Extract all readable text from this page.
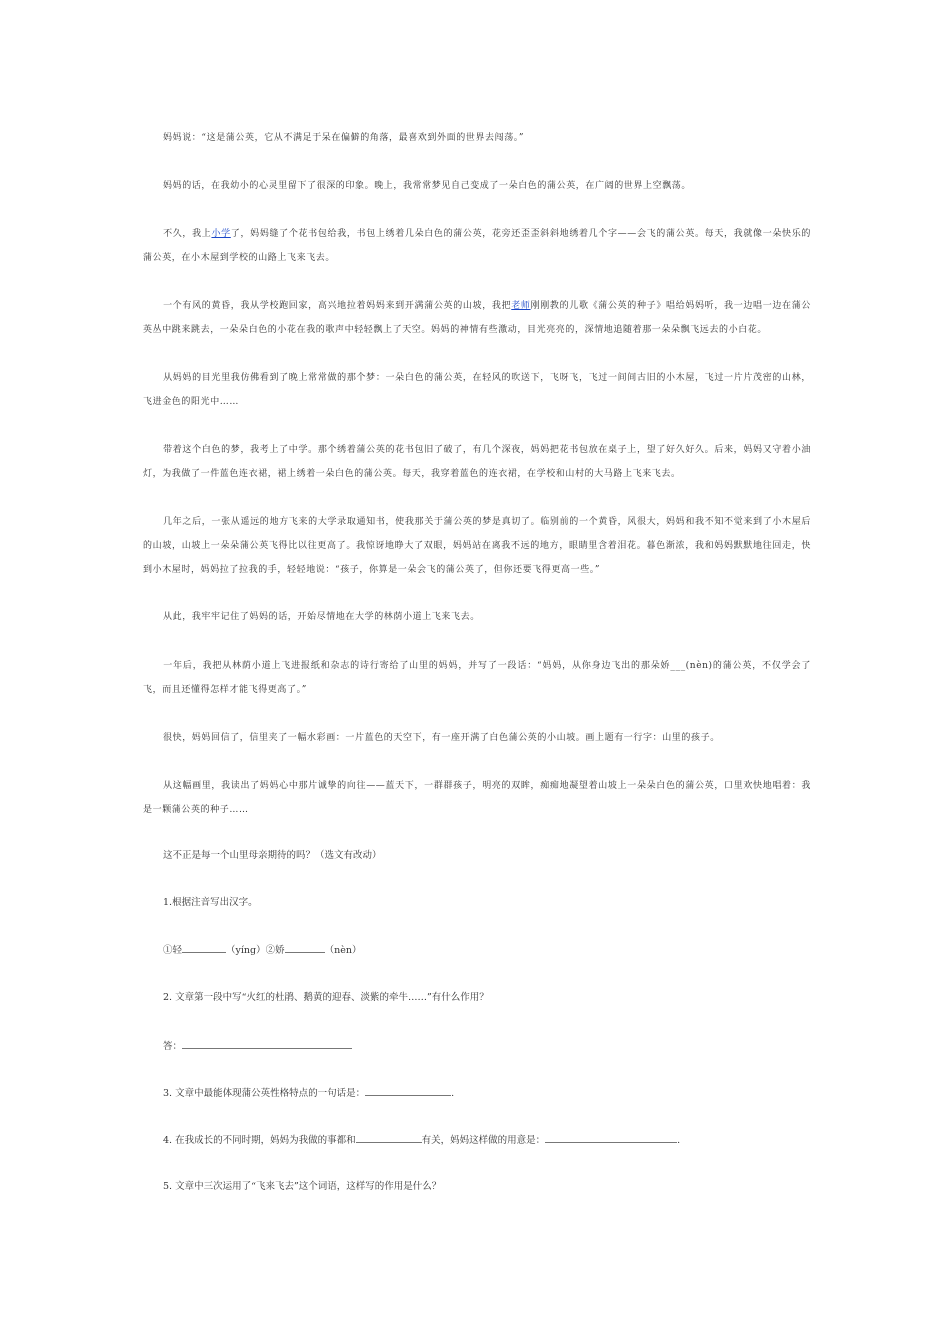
妈妈说：“这是蒲公英，它从不满足于呆在偏僻的角落，最喜欢到外面的世界去闯荡。”
妈妈的话，在我幼小的心灵里留下了很深的印象。晚上，我常常梦见自己变成了一朵白色的蒲公英，在广阔的世界上空飘荡。
不久，我上小学了，妈妈缝了个花书包给我，书包上绣着几朵白色的蒲公英，花旁还歪歪斜斜地绣着几个字——会飞的蒲公英。每天，我就像一朵快乐的蒲公英，在小木屋到学校的山路上飞来飞去。
一个有风的黄昏，我从学校跑回家，高兴地拉着妈妈来到开满蒲公英的山坡，我把老师刚刚教的儿歌《蒲公英的种子》唱给妈妈听，我一边唱一边在蒲公英丛中跳来跳去，一朵朵白色的小花在我的歌声中轻轻飘上了天空。妈妈的神情有些激动，目光亮亮的，深情地追随着那一朵朵飘飞远去的小白花。
从妈妈的目光里我仿佛看到了晚上常常做的那个梦：一朵白色的蒲公英，在轻风的吹送下，飞呀飞，飞过一间间古旧的小木屋，飞过一片片茂密的山林，飞进金色的阳光中……
带着这个白色的梦，我考上了中学。那个绣着蒲公英的花书包旧了破了，有几个深夜，妈妈把花书包放在桌子上，望了好久好久。后来，妈妈又守着小油灯，为我做了一件蓝色连衣裙，裙上绣着一朵白色的蒲公英。每天，我穿着蓝色的连衣裙，在学校和山村的大马路上飞来飞去。
几年之后，一张从遥远的地方飞来的大学录取通知书，使我那关于蒲公英的梦是真切了。临别前的一个黄昏，风很大，妈妈和我不知不觉来到了小木屋后的山坡，山坡上一朵朵蒲公英飞得比以往更高了。我惊讶地睁大了双眼，妈妈站在离我不远的地方，眼睛里含着泪花。暮色渐浓，我和妈妈默默地往回走，快到小木屋时，妈妈拉了拉我的手，轻轻地说：“孩子，你算是一朵会飞的蒲公英了，但你还要飞得更高一些。”
从此，我牢牢记住了妈妈的话，开始尽情地在大学的林荫小道上飞来飞去。
一年后，我把从林荫小道上飞进报纸和杂志的诗行寄给了山里的妈妈，并写了一段话：“妈妈，从你身边飞出的那朵娇___(nèn)的蒲公英，不仅学会了飞，而且还懂得怎样才能飞得更高了。”
很快，妈妈回信了，信里夹了一幅水彩画：一片蓝色的天空下，有一座开满了白色蒲公英的小山坡。画上题有一行字：山里的孩子。
从这幅画里，我读出了妈妈心中那片诚挚的向往——蓝天下，一群群孩子，明亮的双眸，痴痴地凝望着山坡上一朵朵白色的蒲公英，口里欢快地唱着：我是一颗蒲公英的种子……
这不正是每一个山里母亲期待的吗？（选文有改动）
1.根据注音写出汉字。
①轻	（yíng）②娇	（nèn）
2. 文章第一段中写“火红的杜鹃、鹅黄的迎春、淡紫的牵牛……”有什么作用？
答：
3. 文章中最能体现蒲公英性格特点的一句话是：	.
4. 在我成长的不同时期，妈妈为我做的事都和	有关，妈妈这样做的用意是：	.
5. 文章中三次运用了“飞来飞去”这个词语，这样写的作用是什么？
